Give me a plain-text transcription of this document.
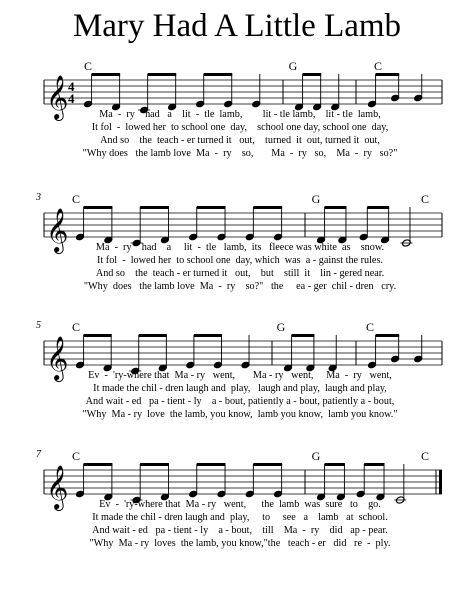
Mary Had A Little Lamb
C	G	C
𝄞 4
4
Ma  -  ry    had   a    lit  -  tle  lamb,        lit - tle lamb,    lit - tle  lamb,
It fol  -  lowed her  to school one  day,    school one day, school one  day,
And so    the  teach - er turned it   out,    turned  it  out, turned it  out,
"Why does   the lamb love  Ma  -  ry    so,       Ma  -  ry   so,    Ma  -  ry   so?"
3	C	G	C
𝄞	Ma  -  ry    had    a     lit  -  tle   lamb,  its   fleece was white  as    snow.
It fol  -  lowed her  to school one  day, which  was  a - gainst the rules.
And so    the  teach - er turned it   out,    but    still  it    lin - gered near.
"Why  does   the lamb love  Ma  -  ry    so?"   the     ea - ger  chil - dren   cry.
5	C	G	C
𝄞	Ev  -  'ry-where that  Ma - ry   went,       Ma - ry   went,     Ma  -  ry   went,
It made the chil - dren laugh and  play,   laugh and play,  laugh and play,
And wait - ed   pa - tient - ly    a - bout, patiently a - bout, patiently a - bout,
"Why  Ma - ry  love  the lamb, you know,  lamb you know,  lamb you know."
7	C	G	C
𝄞	Ev  -  'ry-where that  Ma - ry   went,      the  lamb  was  sure   to    go.
It made the chil - dren laugh and  play,     to     see   a    lamb   at  school.
And wait - ed   pa - tient - ly    a - bout,    till    Ma  -  ry    did   ap - pear.
"Why  Ma - ry  loves  the lamb, you know,"the   teach - er   did   re  -  ply.
